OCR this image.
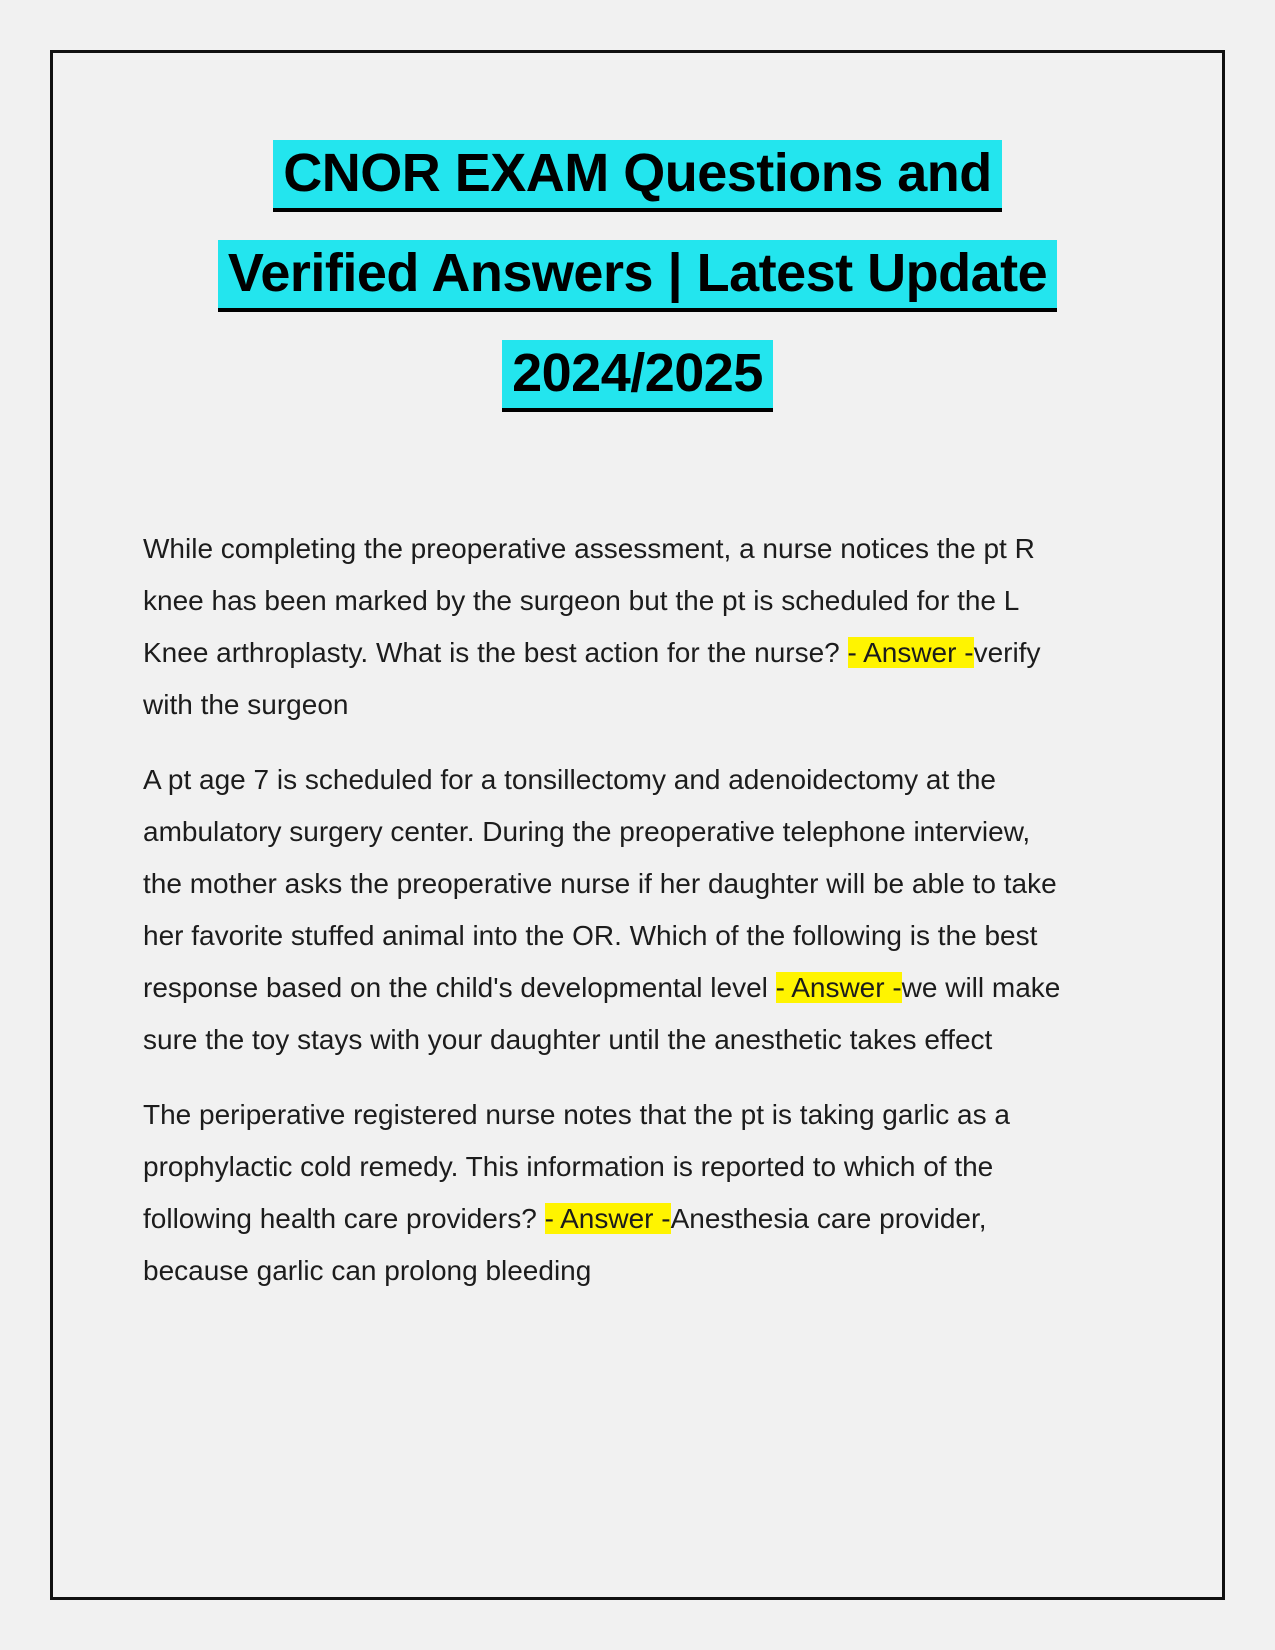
CNOR EXAM Questions and
Verified Answers | Latest Update
2024/2025

While completing the preoperative assessment, a nurse notices the pt R knee has been marked by the surgeon but the pt is scheduled for the L Knee arthroplasty. What is the best action for the nurse? - Answer -verify with the surgeon

A pt age 7 is scheduled for a tonsillectomy and adenoidectomy at the ambulatory surgery center. During the preoperative telephone interview, the mother asks the preoperative nurse if her daughter will be able to take her favorite stuffed animal into the OR. Which of the following is the best response based on the child's developmental level - Answer -we will make sure the toy stays with your daughter until the anesthetic takes effect

The periperative registered nurse notes that the pt is taking garlic as a prophylactic cold remedy. This information is reported to which of the following health care providers? - Answer -Anesthesia care provider, because garlic can prolong bleeding
